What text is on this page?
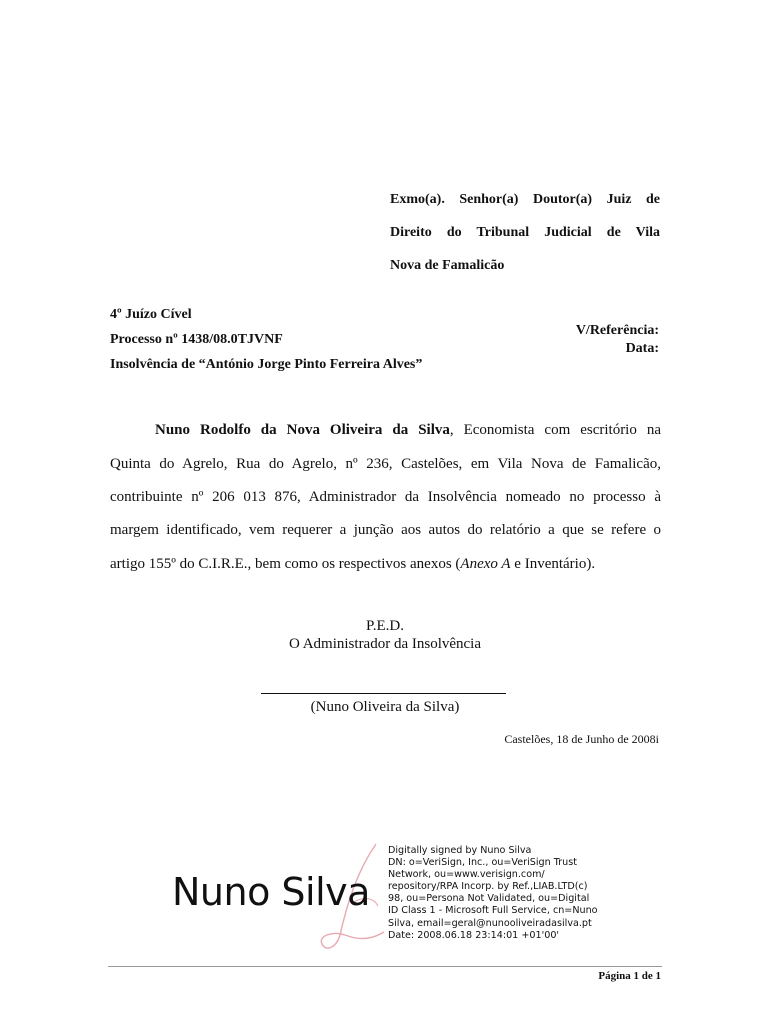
Exmo(a). Senhor(a) Doutor(a) Juiz de
Direito do Tribunal Judicial de Vila
Nova de Famalicão
4º Juízo Cível
Processo nº 1438/08.0TJVNF
Insolvência de “António Jorge Pinto Ferreira Alves”
V/Referência:
Data:
Nuno Rodolfo da Nova Oliveira da Silva, Economista com escritório na
Quinta do Agrelo, Rua do Agrelo, nº 236, Castelões, em Vila Nova de Famalicão,
contribuinte nº 206 013 876, Administrador da Insolvência nomeado no processo à
margem identificado, vem requerer a junção aos autos do relatório a que se refere o
artigo 155º do C.I.R.E., bem como os respectivos anexos (Anexo A e Inventário).
P.E.D.
O Administrador da Insolvência
(Nuno Oliveira da Silva)
Castelões, 18 de Junho de 2008i
Nuno Silva
Digitally signed by Nuno Silva
DN: o=VeriSign, Inc., ou=VeriSign Trust
Network, ou=www.verisign.com/
repository/RPA Incorp. by Ref.,LIAB.LTD(c)
98, ou=Persona Not Validated, ou=Digital
ID Class 1 - Microsoft Full Service, cn=Nuno
Silva, email=geral@nunooliveiradasilva.pt
Date: 2008.06.18 23:14:01 +01'00'
Página 1 de 1
